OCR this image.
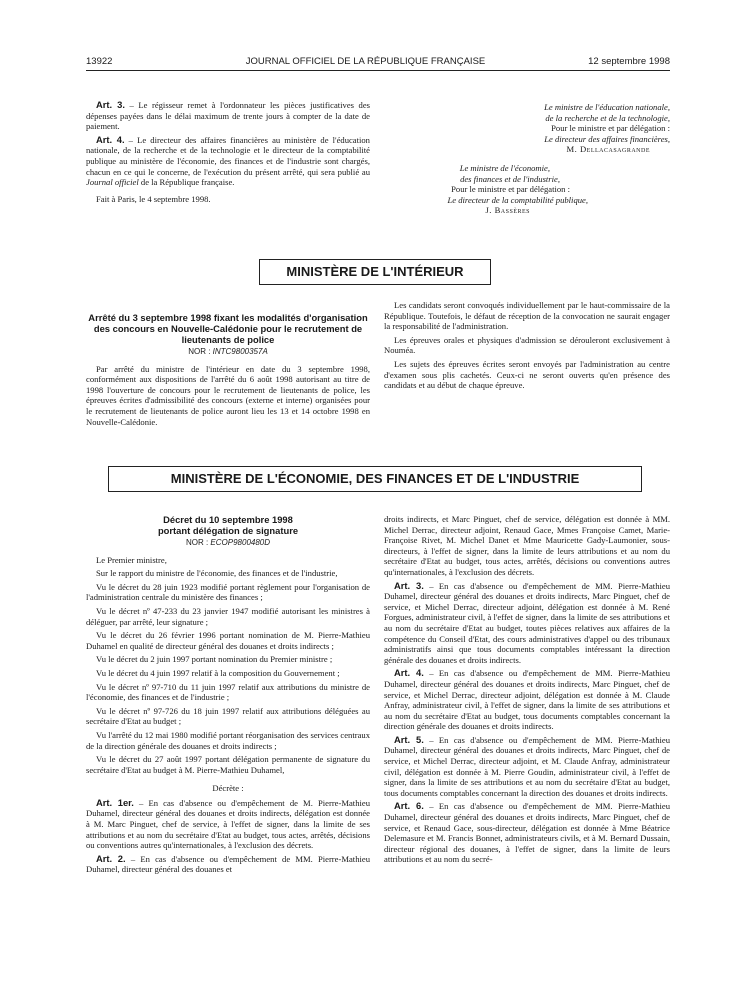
13922	JOURNAL OFFICIEL DE LA RÉPUBLIQUE FRANÇAISE	12 septembre 1998

Art. 3. – Le régisseur remet à l'ordonnateur les pièces justificatives des dépenses payées dans le délai maximum de trente jours à compter de la date de paiement.

Art. 4. – Le directeur des affaires financières au ministère de l'éducation nationale, de la recherche et de la technologie et le directeur de la comptabilité publique au ministère de l'économie, des finances et de l'industrie sont chargés, chacun en ce qui le concerne, de l'exécution du présent arrêté, qui sera publié au Journal officiel de la République française.

Fait à Paris, le 4 septembre 1998.

Le ministre de l'éducation nationale,
de la recherche et de la technologie,
Pour le ministre et par délégation :
Le directeur des affaires financières,
M. Dellacasagrande
Le ministre de l'économie,
des finances et de l'industrie,
Pour le ministre et par délégation :
Le directeur de la comptabilité publique,
J. Bassères
MINISTÈRE DE L'INTÉRIEUR
Arrêté du 3 septembre 1998 fixant les modalités d'organisation des concours en Nouvelle-Calédonie pour le recrutement de lieutenants de police
NOR : INTC9800357A

Par arrêté du ministre de l'intérieur en date du 3 septembre 1998, conformément aux dispositions de l'arrêté du 6 août 1998 autorisant au titre de 1998 l'ouverture de concours pour le recrutement de lieutenants de police, les épreuves écrites d'admissibilité des concours (externe et interne) organisées pour le recrutement de lieutenants de police auront lieu les 13 et 14 octobre 1998 en Nouvelle-Calédonie.

Les candidats seront convoqués individuellement par le haut-commissaire de la République. Toutefois, le défaut de réception de la convocation ne saurait engager la responsabilité de l'administration.

Les épreuves orales et physiques d'admission se dérouleront exclusivement à Nouméa.

Les sujets des épreuves écrites seront envoyés par l'administration au centre d'examen sous plis cachetés. Ceux-ci ne seront ouverts qu'en présence des candidats et au début de chaque épreuve.

MINISTÈRE DE L'ÉCONOMIE, DES FINANCES ET DE L'INDUSTRIE
Décret du 10 septembre 1998
portant délégation de signature
NOR : ECOP9800480D

Le Premier ministre,

Sur le rapport du ministre de l'économie, des finances et de l'industrie,

Vu le décret du 28 juin 1923 modifié portant règlement pour l'organisation de l'administration centrale du ministère des finances ;

Vu le décret nº 47-233 du 23 janvier 1947 modifié autorisant les ministres à déléguer, par arrêté, leur signature ;

Vu le décret du 26 février 1996 portant nomination de M. Pierre-Mathieu Duhamel en qualité de directeur général des douanes et droits indirects ;

Vu le décret du 2 juin 1997 portant nomination du Premier ministre ;

Vu le décret du 4 juin 1997 relatif à la composition du Gouvernement ;

Vu le décret nº 97-710 du 11 juin 1997 relatif aux attributions du ministre de l'économie, des finances et de l'industrie ;

Vu le décret nº 97-726 du 18 juin 1997 relatif aux attributions déléguées au secrétaire d'Etat au budget ;

Vu l'arrêté du 12 mai 1980 modifié portant réorganisation des services centraux de la direction générale des douanes et droits indirects ;

Vu le décret du 27 août 1997 portant délégation permanente de signature du secrétaire d'Etat au budget à M. Pierre-Mathieu Duhamel,

Décrète :

Art. 1er. – En cas d'absence ou d'empêchement de M. Pierre-Mathieu Duhamel, directeur général des douanes et droits indirects, délégation est donnée à M. Marc Pinguet, chef de service, à l'effet de signer, dans la limite de ses attributions et au nom du secrétaire d'Etat au budget, tous actes, arrêtés, décisions ou conventions autres qu'internationales, à l'exclusion des décrets.

Art. 2. – En cas d'absence ou d'empêchement de MM. Pierre-Mathieu Duhamel, directeur général des douanes et

droits indirects, et Marc Pinguet, chef de service, délégation est donnée à MM. Michel Derrac, directeur adjoint, Renaud Gace, Mmes Françoise Camet, Marie-Françoise Rivet, M. Michel Danet et Mme Mauricette Gady-Laumonier, sous-directeurs, à l'effet de signer, dans la limite de leurs attributions et au nom du secrétaire d'Etat au budget, tous actes, arrêtés, décisions ou conventions autres qu'internationales, à l'exclusion des décrets.

Art. 3. – En cas d'absence ou d'empêchement de MM. Pierre-Mathieu Duhamel, directeur général des douanes et droits indirects, Marc Pinguet, chef de service, et Michel Derrac, directeur adjoint, délégation est donnée à M. René Forgues, administrateur civil, à l'effet de signer, dans la limite de ses attributions et au nom du secrétaire d'Etat au budget, toutes pièces relatives aux affaires de la compétence du Conseil d'Etat, des cours administratives d'appel ou des tribunaux administratifs ainsi que tous documents comptables intéressant la direction générale des douanes et droits indirects.

Art. 4. – En cas d'absence ou d'empêchement de MM. Pierre-Mathieu Duhamel, directeur général des douanes et droits indirects, Marc Pinguet, chef de service, et Michel Derrac, directeur adjoint, délégation est donnée à M. Claude Anfray, administrateur civil, à l'effet de signer, dans la limite de ses attributions et au nom du secrétaire d'Etat au budget, tous documents comptables concernant la direction générale des douanes et droits indirects.

Art. 5. – En cas d'absence ou d'empêchement de MM. Pierre-Mathieu Duhamel, directeur général des douanes et droits indirects, Marc Pinguet, chef de service, et Michel Derrac, directeur adjoint, et M. Claude Anfray, administrateur civil, délégation est donnée à M. Pierre Goudin, administrateur civil, à l'effet de signer, dans la limite de ses attributions et au nom du secrétaire d'Etat au budget, tous documents comptables concernant la direction des douanes et droits indirects.

Art. 6. – En cas d'absence ou d'empêchement de MM. Pierre-Mathieu Duhamel, directeur général des douanes et droits indirects, Marc Pinguet, chef de service, et Renaud Gace, sous-directeur, délégation est donnée à Mme Béatrice Delemasure et M. Francis Bonnet, administrateurs civils, et à M. Bernard Dussain, directeur régional des douanes, à l'effet de signer, dans la limite de leurs attributions et au nom du secré-
